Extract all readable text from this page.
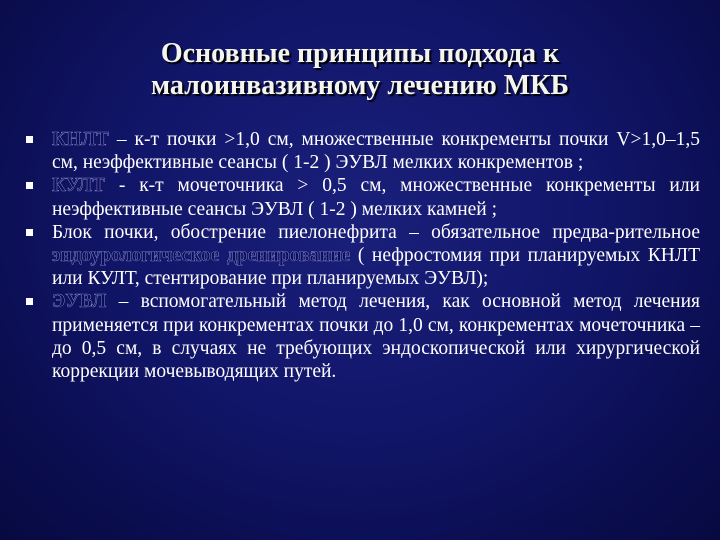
Основные принципы подхода к
малоинвазивному лечению МКБ
КНЛТ – к-т почки >1,0 см, множественные конкременты почки V>1,0–1,5 см, неэффективные сеансы ( 1-2 ) ЭУВЛ мелких конкрементов ;
КУЛТ - к-т мочеточника > 0,5 см, множественные конкременты или неэффективные сеансы ЭУВЛ ( 1-2 ) мелких камней ;
Блок почки, обострение пиелонефрита – обязательное предва-рительное эндоурологическое дренирование ( нефростомия при планируемых КНЛТ или КУЛТ, стентирование при планируемых ЭУВЛ);
ЭУВЛ – вспомогательный метод лечения, как основной метод лечения применяется при конкрементах почки до 1,0 см, конкрементах мочеточника – до 0,5 см, в случаях не требующих эндоскопической или хирургической коррекции мочевыводящих путей.
